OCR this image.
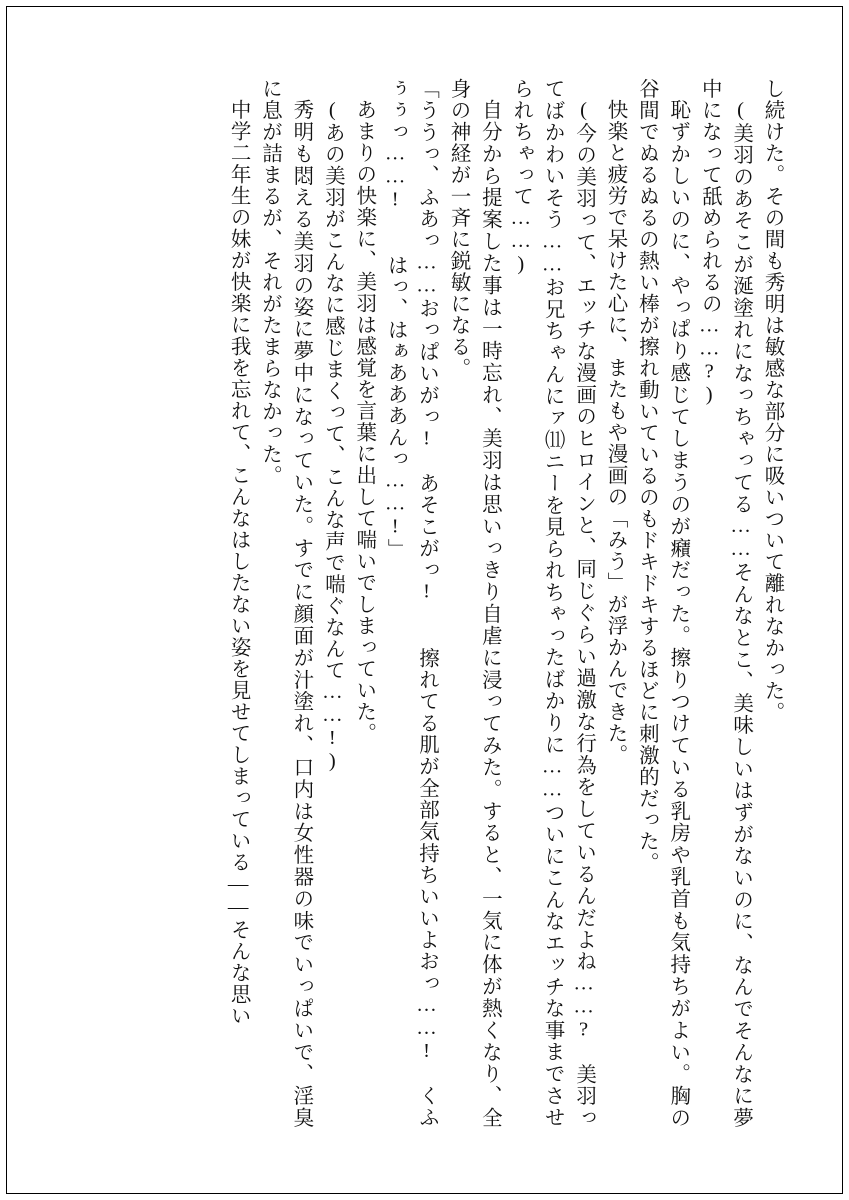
し続けた。その間も秀明は敏感な部分に吸いついて離れなかった。

(美羽のあそこが涎塗れになっちゃってる……そんなとこ、美味しいはずがないのに、なんでそんなに夢中になって舐められるの……?)

恥ずかしいのに、やっぱり感じてしまうのが癪だった。擦りつけている乳房や乳首も気持ちがよい。胸の谷間でぬるぬるの熱い棒が擦れ動いているのもドキドキするほどに刺激的だった。

快楽と疲労で呆けた心に、またもや漫画の「みう」が浮かんできた。

(今の美羽って、エッチな漫画のヒロインと、同じぐらい過激な行為をしているんだよね……?　美羽ってばかわいそう……お兄ちゃんにァ⑾ニーを見られちゃったばかりに……ついにこんなエッチな事までさせられちゃって……)

自分から提案した事は一時忘れ、美羽は思いっきり自虐に浸ってみた。すると、一気に体が熱くなり、全身の神経が一斉に鋭敏になる。

「ううっ、ふあっ……おっぱいがっ!　あそこがっ!　　擦れてる肌が全部気持ちいいよおっ……!　くふぅぅっ……!　　はっ、はぁあああんっ……!」

あまりの快楽に、美羽は感覚を言葉に出して喘いでしまっていた。

(あの美羽がこんなに感じまくって、こんな声で喘ぐなんて……!)

秀明も悶える美羽の姿に夢中になっていた。すでに顔面が汁塗れ、口内は女性器の味でいっぱいで、淫臭に息が詰まるが、それがたまらなかった。

中学二年生の妹が快楽に我を忘れて、こんなはしたない姿を見せてしまっている――そんな思い
